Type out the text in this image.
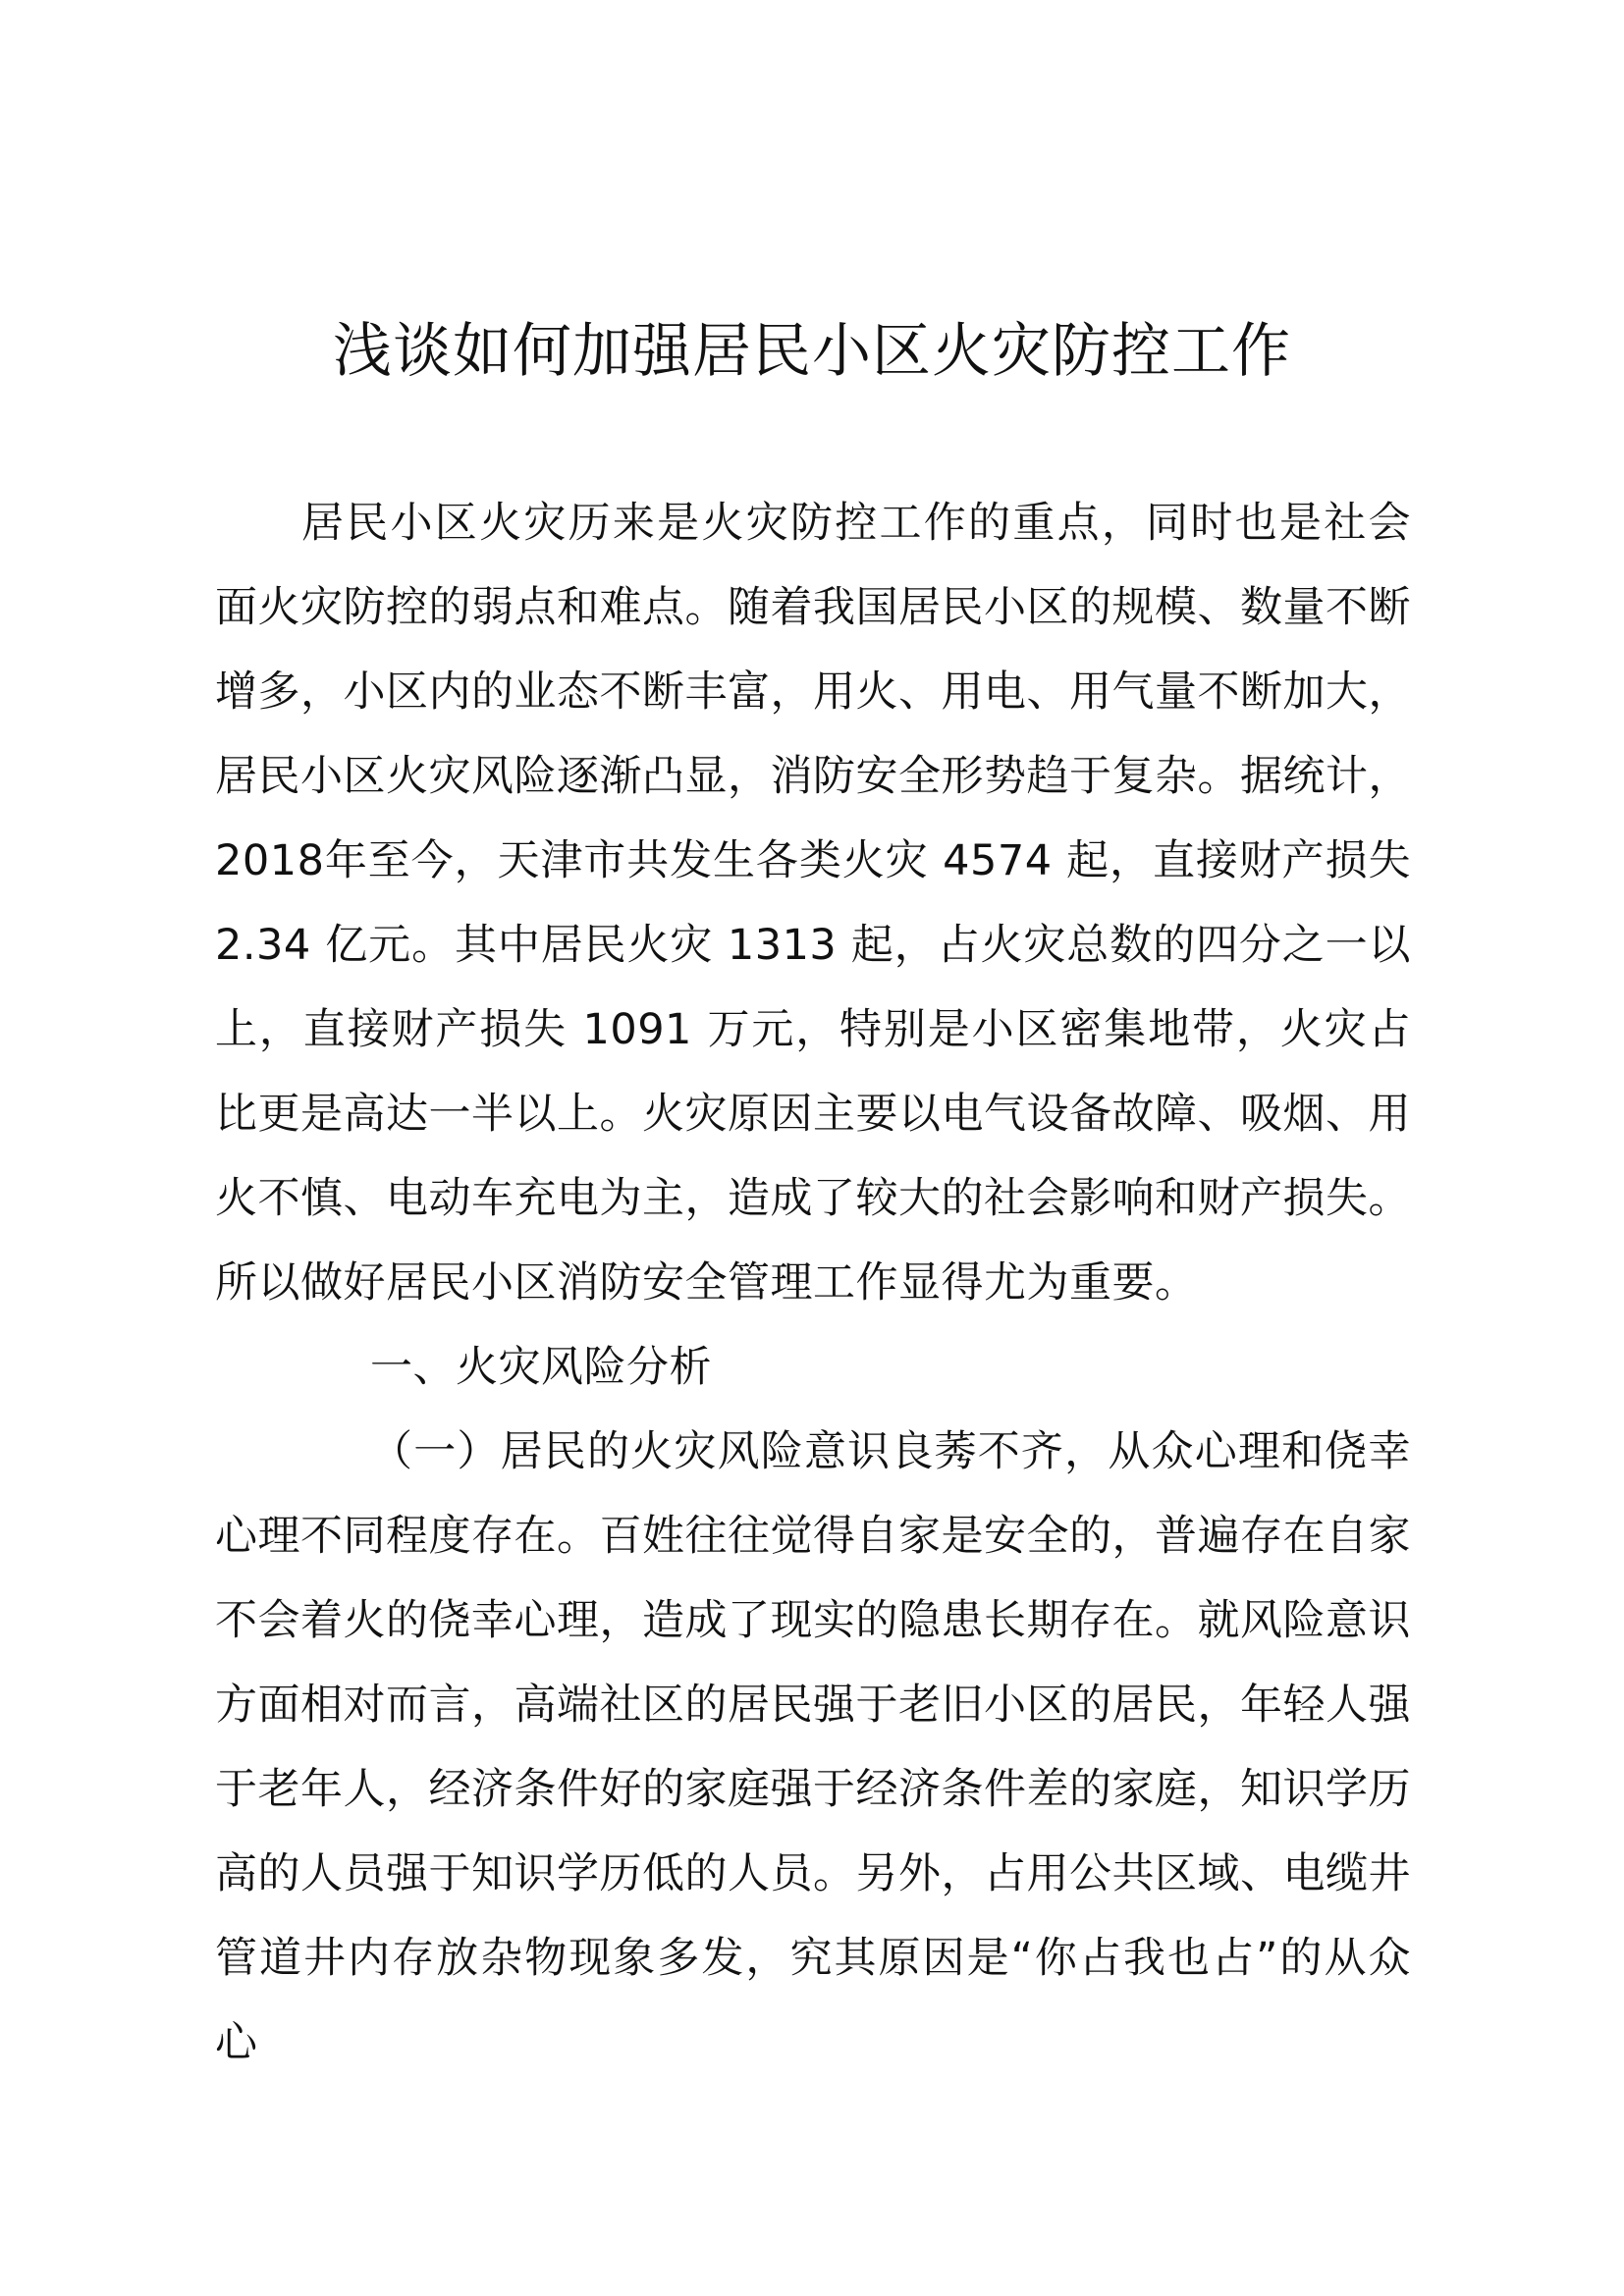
浅谈如何加强居民小区火灾防控工作

居民小区火灾历来是火灾防控工作的重点，同时也是社会面火灾防控的弱点和难点。随着我国居民小区的规模、数量不断增多，小区内的业态不断丰富，用火、用电、用气量不断加大，居民小区火灾风险逐渐凸显，消防安全形势趋于复杂。据统计，2018年至今，天津市共发生各类火灾 4574 起，直接财产损失 2.34 亿元。其中居民火灾 1313 起，占火灾总数的四分之一以上，直接财产损失 1091 万元，特别是小区密集地带，火灾占比更是高达一半以上。火灾原因主要以电气设备故障、吸烟、用火不慎、电动车充电为主，造成了较大的社会影响和财产损失。所以做好居民小区消防安全管理工作显得尤为重要。

一、火灾风险分析

（一）居民的火灾风险意识良莠不齐，从众心理和侥幸心理不同程度存在。百姓往往觉得自家是安全的，普遍存在自家不会着火的侥幸心理，造成了现实的隐患长期存在。就风险意识方面相对而言，高端社区的居民强于老旧小区的居民，年轻人强于老年人，经济条件好的家庭强于经济条件差的家庭，知识学历高的人员强于知识学历低的人员。另外，占用公共区域、电缆井管道井内存放杂物现象多发，究其原因是“你占我也占”的从众心
